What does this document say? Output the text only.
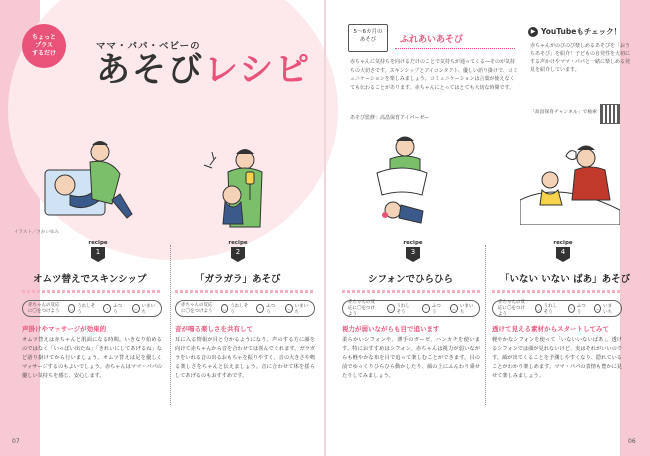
ちょっと
プラス
するだけ
ママ・パパ・ベビーの
あそびレシピ
5〜6カ月の
あそび	ふれあいあそび
赤ちゃんに気持ちを向けるだけのことで気持ちが通ってくる—そのが気持ちの大切さです。スキンシップとアイコンタクト、優しい語り掛けで、コミュニケーションを楽しみましょう。コミュニケーションは言葉が使えなくても伝わることがあります。赤ちゃんにとってはとても大切な時間です。
あそび監修：高畠保育アイパーゼー
▶ YouTubeもチェック！
赤ちゃんがのびのび楽しめるあそびを「おうちあそび」を紹介！子どもの自発性を大切にする声かけやママ・パパと一緒に楽しめる発見を紹介しています。
「高畠保育チャンネル」で検索
イラスト／さかいゆみ
recipe
1
オムツ替えでスキンシップ
赤ちゃんの反応に〇をつけよう	◡ うれしそう
–	ふつう
︵ いまいち
声掛けやマッサージが効果的
オムツ替えは赤ちゃんと肌面になる時間。いきなり始めるのではなく「いっぱい出たね」「きれいにしてあげるね」など語り掛けてから行いましょう。オムツ替えは足を優しくマッサージするのもよいでしょう。赤ちゃんはママ・パパの優しい気持ちを感じ、安心します。
recipe
2
「ガラガラ」あそび
赤ちゃんの反応に〇をつけよう	◡ うれしそう
–	ふつう
︵ いまいち
音が鳴る楽しさを共有して
耳に入る情報が目と分かるようになり、声のする方に顔を向けて赤ちゃんから音を合わせては喜んでくれます。ガラガラをいれる音の出るおもちゃを振りやすく、音の大きさや鳴る楽しさをちゃんと伝えましょう。音に合わせて体を揺らしてあげるのもおすすめです。
recipe
3
シフォンでひらひら
赤ちゃんの反応に〇をつけよう
◡ うれしそう
–	ふつう
︵ いまいち
視力が弱いながらも目で追います
柔らかいシフォンや、薄手のガーゼ、ハンカチを使います。特におすすめはシフォン。赤ちゃんは視力が弱いながらも軽やかな布を目で追って楽しむことができます。目の前でゆっくりひらひら動かしたり、顔の上にふんわり乗せたりしてみましょう。
recipe
4
「いない いない ばあ」あそび
赤ちゃんの反応に〇をつけよう
◡ うれしそう
– ふつう
︵ いまいち
透けて見える素材からスタートしてみて
軽やかなシフォンを使って「いないいないばあ」。透けるシフォンでは顔が見れないけど、実はそれがいいのです。顔が出てくることを予測しやすくなり、隠れていることがわかり楽しめます。ママ・パパの表情も豊かに見せて楽しみましょう。
07	06
